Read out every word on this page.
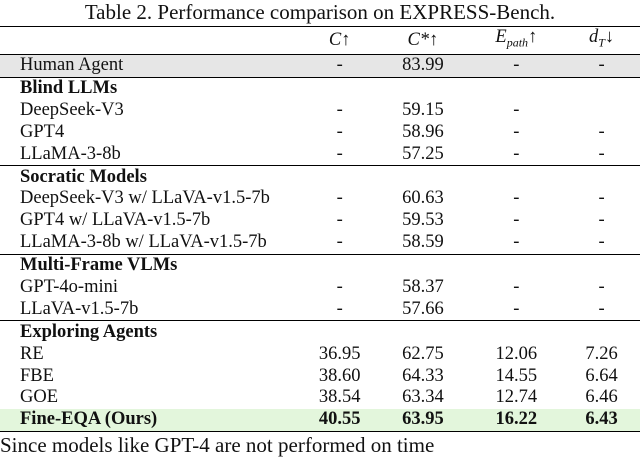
Table 2. Performance comparison on EXPRESS-Bench.
	C↑	C*↑	$E_{path}↑$	$d_T↓$
Human Agent	-	83.99	-	-
Blind LLMs				
DeepSeek-V3	-	59.15	-	
GPT4	-	58.96	-	-
LLaMA-3-8b	-	57.25	-	-
Socratic Models				
DeepSeek-V3 w/ LLaVA-v1.5-7b	-	60.63	-	-
GPT4 w/ LLaVA-v1.5-7b	-	59.53	-	-
LLaMA-3-8b w/ LLaVA-v1.5-7b	-	58.59	-	-
Multi-Frame VLMs				
GPT-4o-mini	-	58.37	-	-
LLaVA-v1.5-7b	-	57.66	-	-
Exploring Agents				
RE	36.95	62.75	12.06	7.26
FBE	38.60	64.33	14.55	6.64
GOE	38.54	63.34	12.74	6.46
Fine-EQA (Ours)	40.55	63.95	16.22	6.43
Since models like GPT-4 are not performed on time
